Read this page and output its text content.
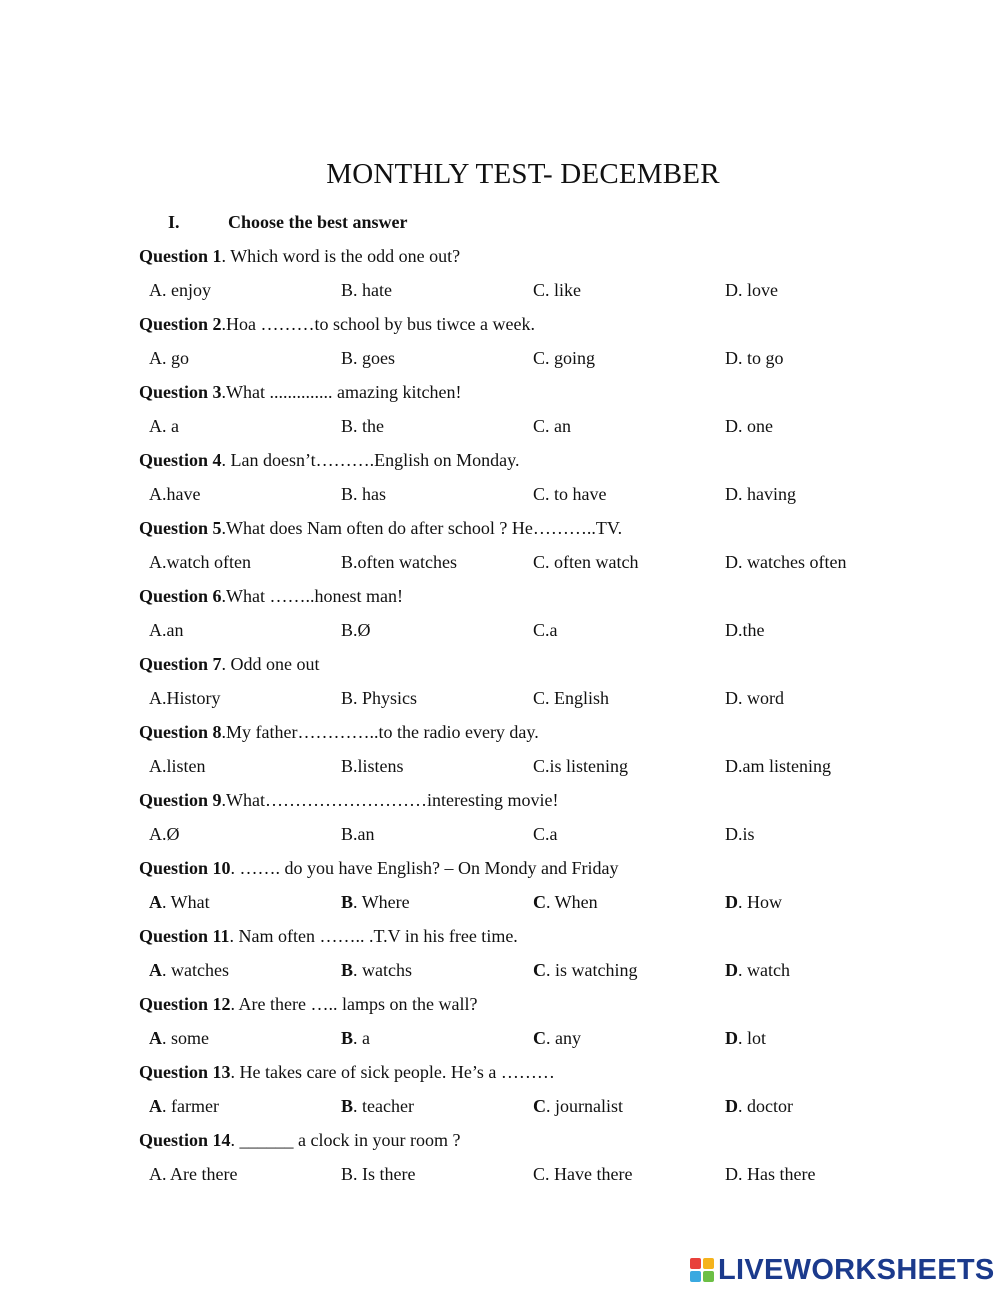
MONTHLY TEST- DECEMBER
I.	Choose the best answer
Question 1. Which word is the odd one out?
A. enjoy	B. hate	C. like	D. love
Question 2.Hoa ………to school by bus tiwce a week.
A. go	B. goes	C. going	D. to go
Question 3.What .............. amazing kitchen!
A. a	B. the	C. an	D. one
Question 4. Lan doesn’t……….English on Monday.
A.have	B. has	C. to have	D. having
Question 5.What does Nam often do after school ? He………..TV.
A.watch often	B.often watches	C. often watch	D. watches often
Question 6.What ……..honest man!
A.an	B.Ø	C.a	D.the
Question 7. Odd one out
A.History	B. Physics	C. English	D. word
Question 8.My father…………..to the radio every day.
A.listen	B.listens	C.is listening	D.am listening
Question 9.What………………………interesting movie!
A.Ø	B.an	C.a	D.is
Question 10. ……. do you have English? – On Mondy and Friday
A. What	B. Where	C. When	D. How
Question 11. Nam often …….. .T.V in his free time.
A. watches	B. watchs	C. is watching	D. watch
Question 12. Are there ….. lamps on the wall?
A. some	B. a	C. any	D. lot
Question 13. He takes care of sick people. He’s a ………
A. farmer	B. teacher	C. journalist	D. doctor
Question 14. ______ a clock in your room ?
A. Are there	B. Is there	C. Have there	D. Has there
LIVEWORKSHEETS
